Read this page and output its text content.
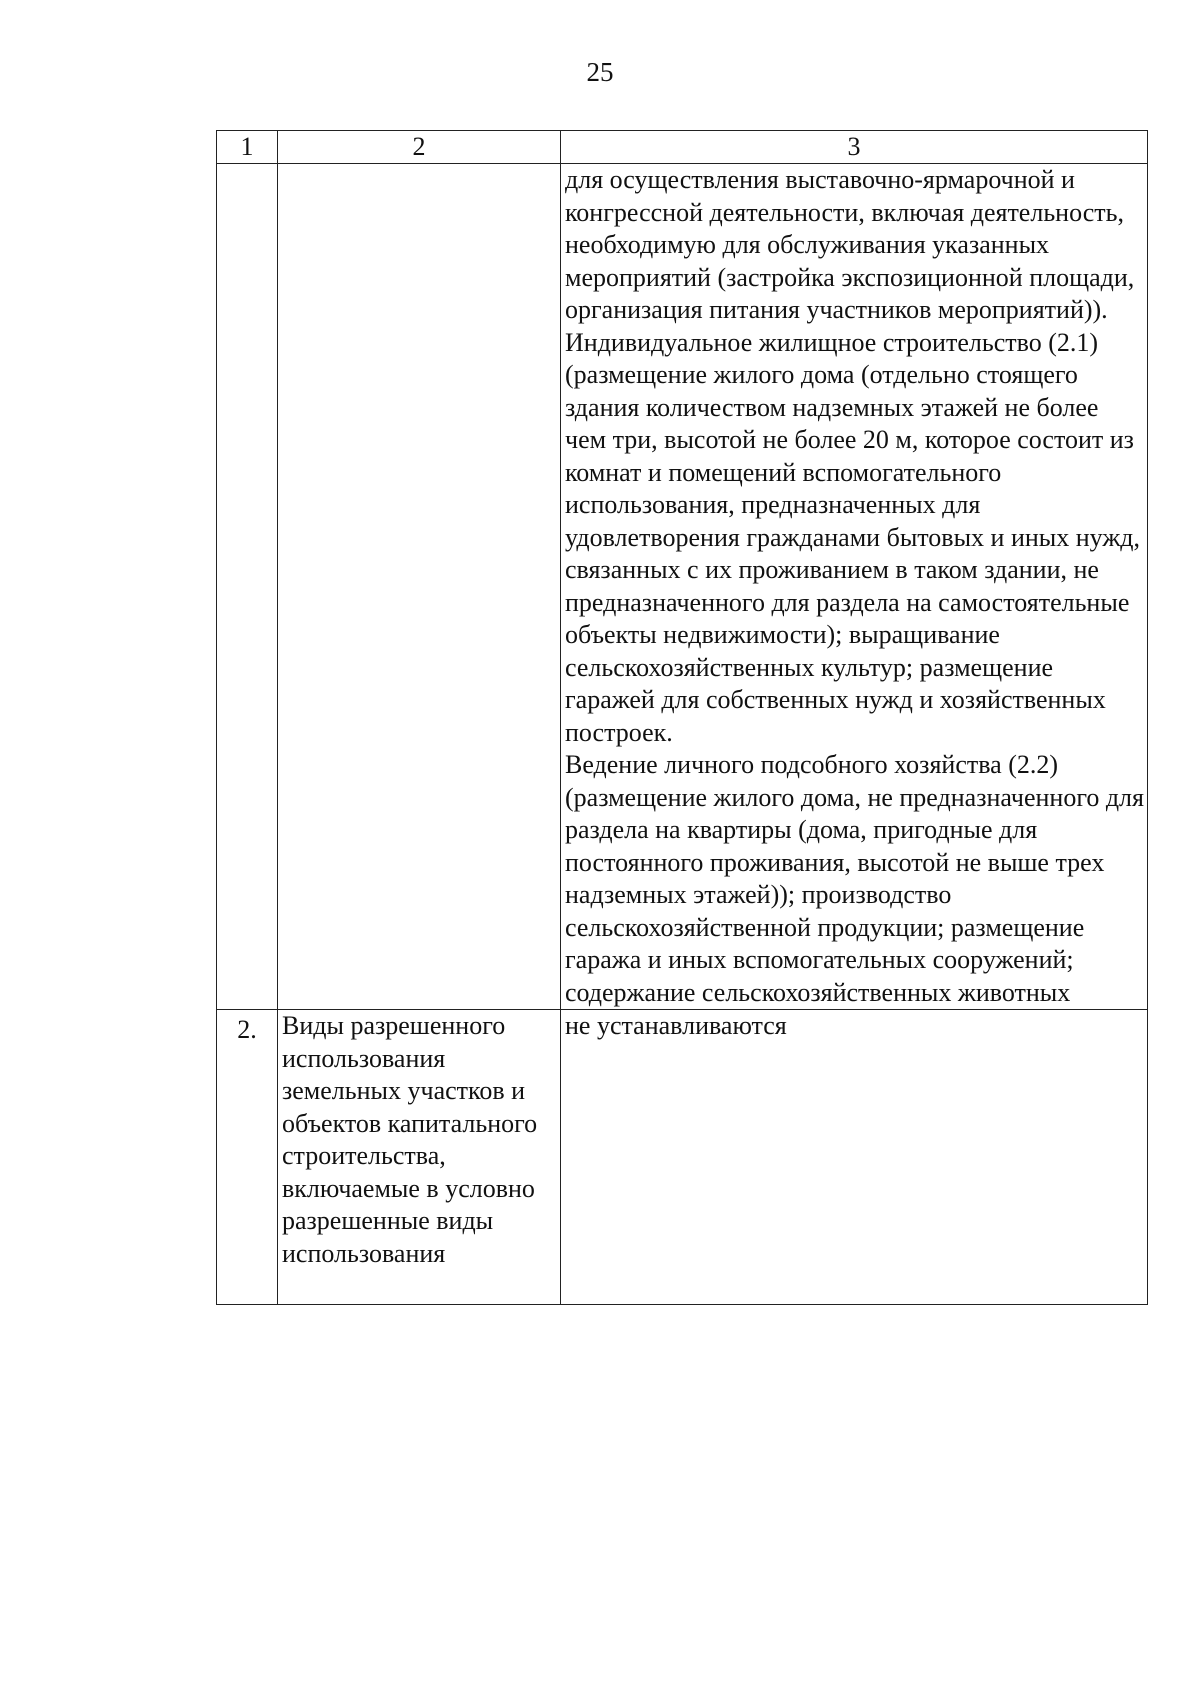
25
1	2	3

		для осуществления выставочно-ярмарочной и конгрессной деятельности, включая деятельность, необходимую для обслуживания указанных мероприятий (застройка экспозиционной площади, организация питания участников мероприятий)).
Индивидуальное жилищное строительство (2.1) (размещение жилого дома (отдельно стоящего здания количеством надземных этажей не более чем три, высотой не более 20 м, которое состоит из комнат и помещений вспомогательного использования, предназначенных для удовлетворения гражданами бытовых и иных нужд, связанных с их проживанием в таком здании, не предназначенного для раздела на самостоятельные объекты недвижимости); выращивание сельскохозяйственных культур; размещение гаражей для собственных нужд и хозяйственных построек.
Ведение личного подсобного хозяйства (2.2) (размещение жилого дома, не предназначенного для раздела на квартиры (дома, пригодные для постоянного проживания, высотой не выше трех надземных этажей)); производство сельскохозяйственной продукции; размещение гаража и иных вспомогательных сооружений; содержание сельскохозяйственных животных

2.	Виды разрешенного использования земельных участков и объектов капитального строительства, включаемые в условно разрешенные виды использования	не устанавливаются
